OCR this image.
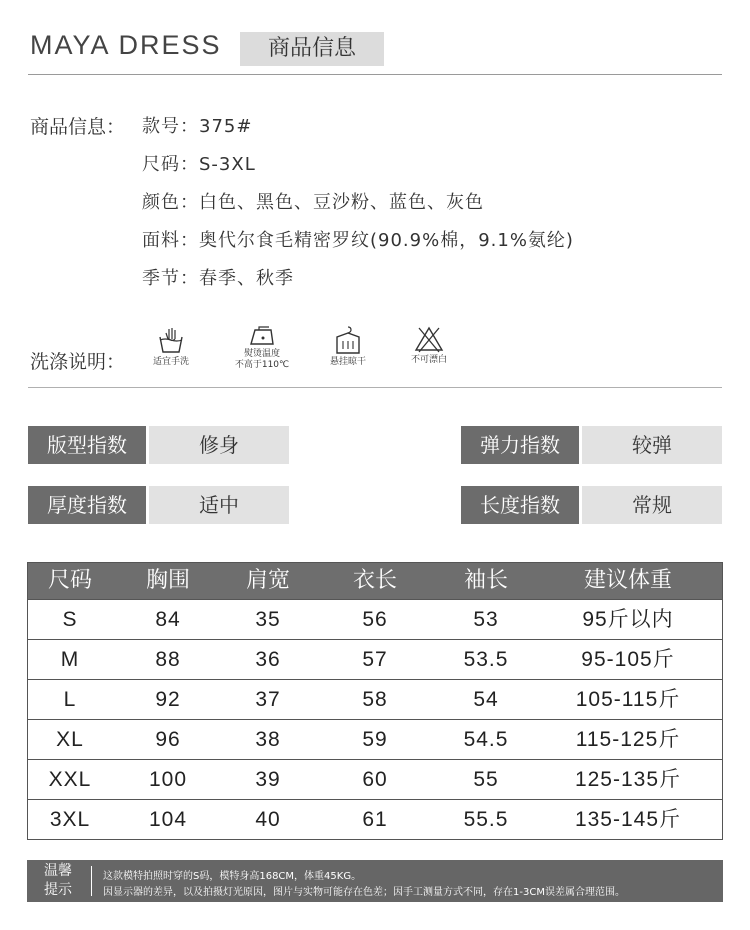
MAYA DRESS	商品信息
商品信息： 款号：375#
尺码：S-3XL
颜色：白色、黑色、豆沙粉、蓝色、灰色
面料：奥代尔食毛精密罗纹(90.9%棉，9.1%氨纶)
季节：春季、秋季
洗涤说明：	适宜手洗
熨烫温度
不高于110℃	悬挂晾干	不可漂白
版型指数	修身	弹力指数	较弹
厚度指数	适中	长度指数	常规
尺码	胸围	肩宽	衣长	袖长	建议体重
S	84	35	56	53	95斤以内
M	88	36	57	53.5	95-105斤
L	92	37	58	54	105-115斤
XL	96	38	59	54.5	115-125斤
XXL	100	39	60	55	125-135斤
3XL	104	40	61	55.5	135-145斤
温馨
提示
这款模特拍照时穿的S码，模特身高168CM，体重45KG。
因显示器的差异，以及拍摄灯光原因，图片与实物可能存在色差；因手工测量方式不同，存在1-3CM误差属合理范围。
